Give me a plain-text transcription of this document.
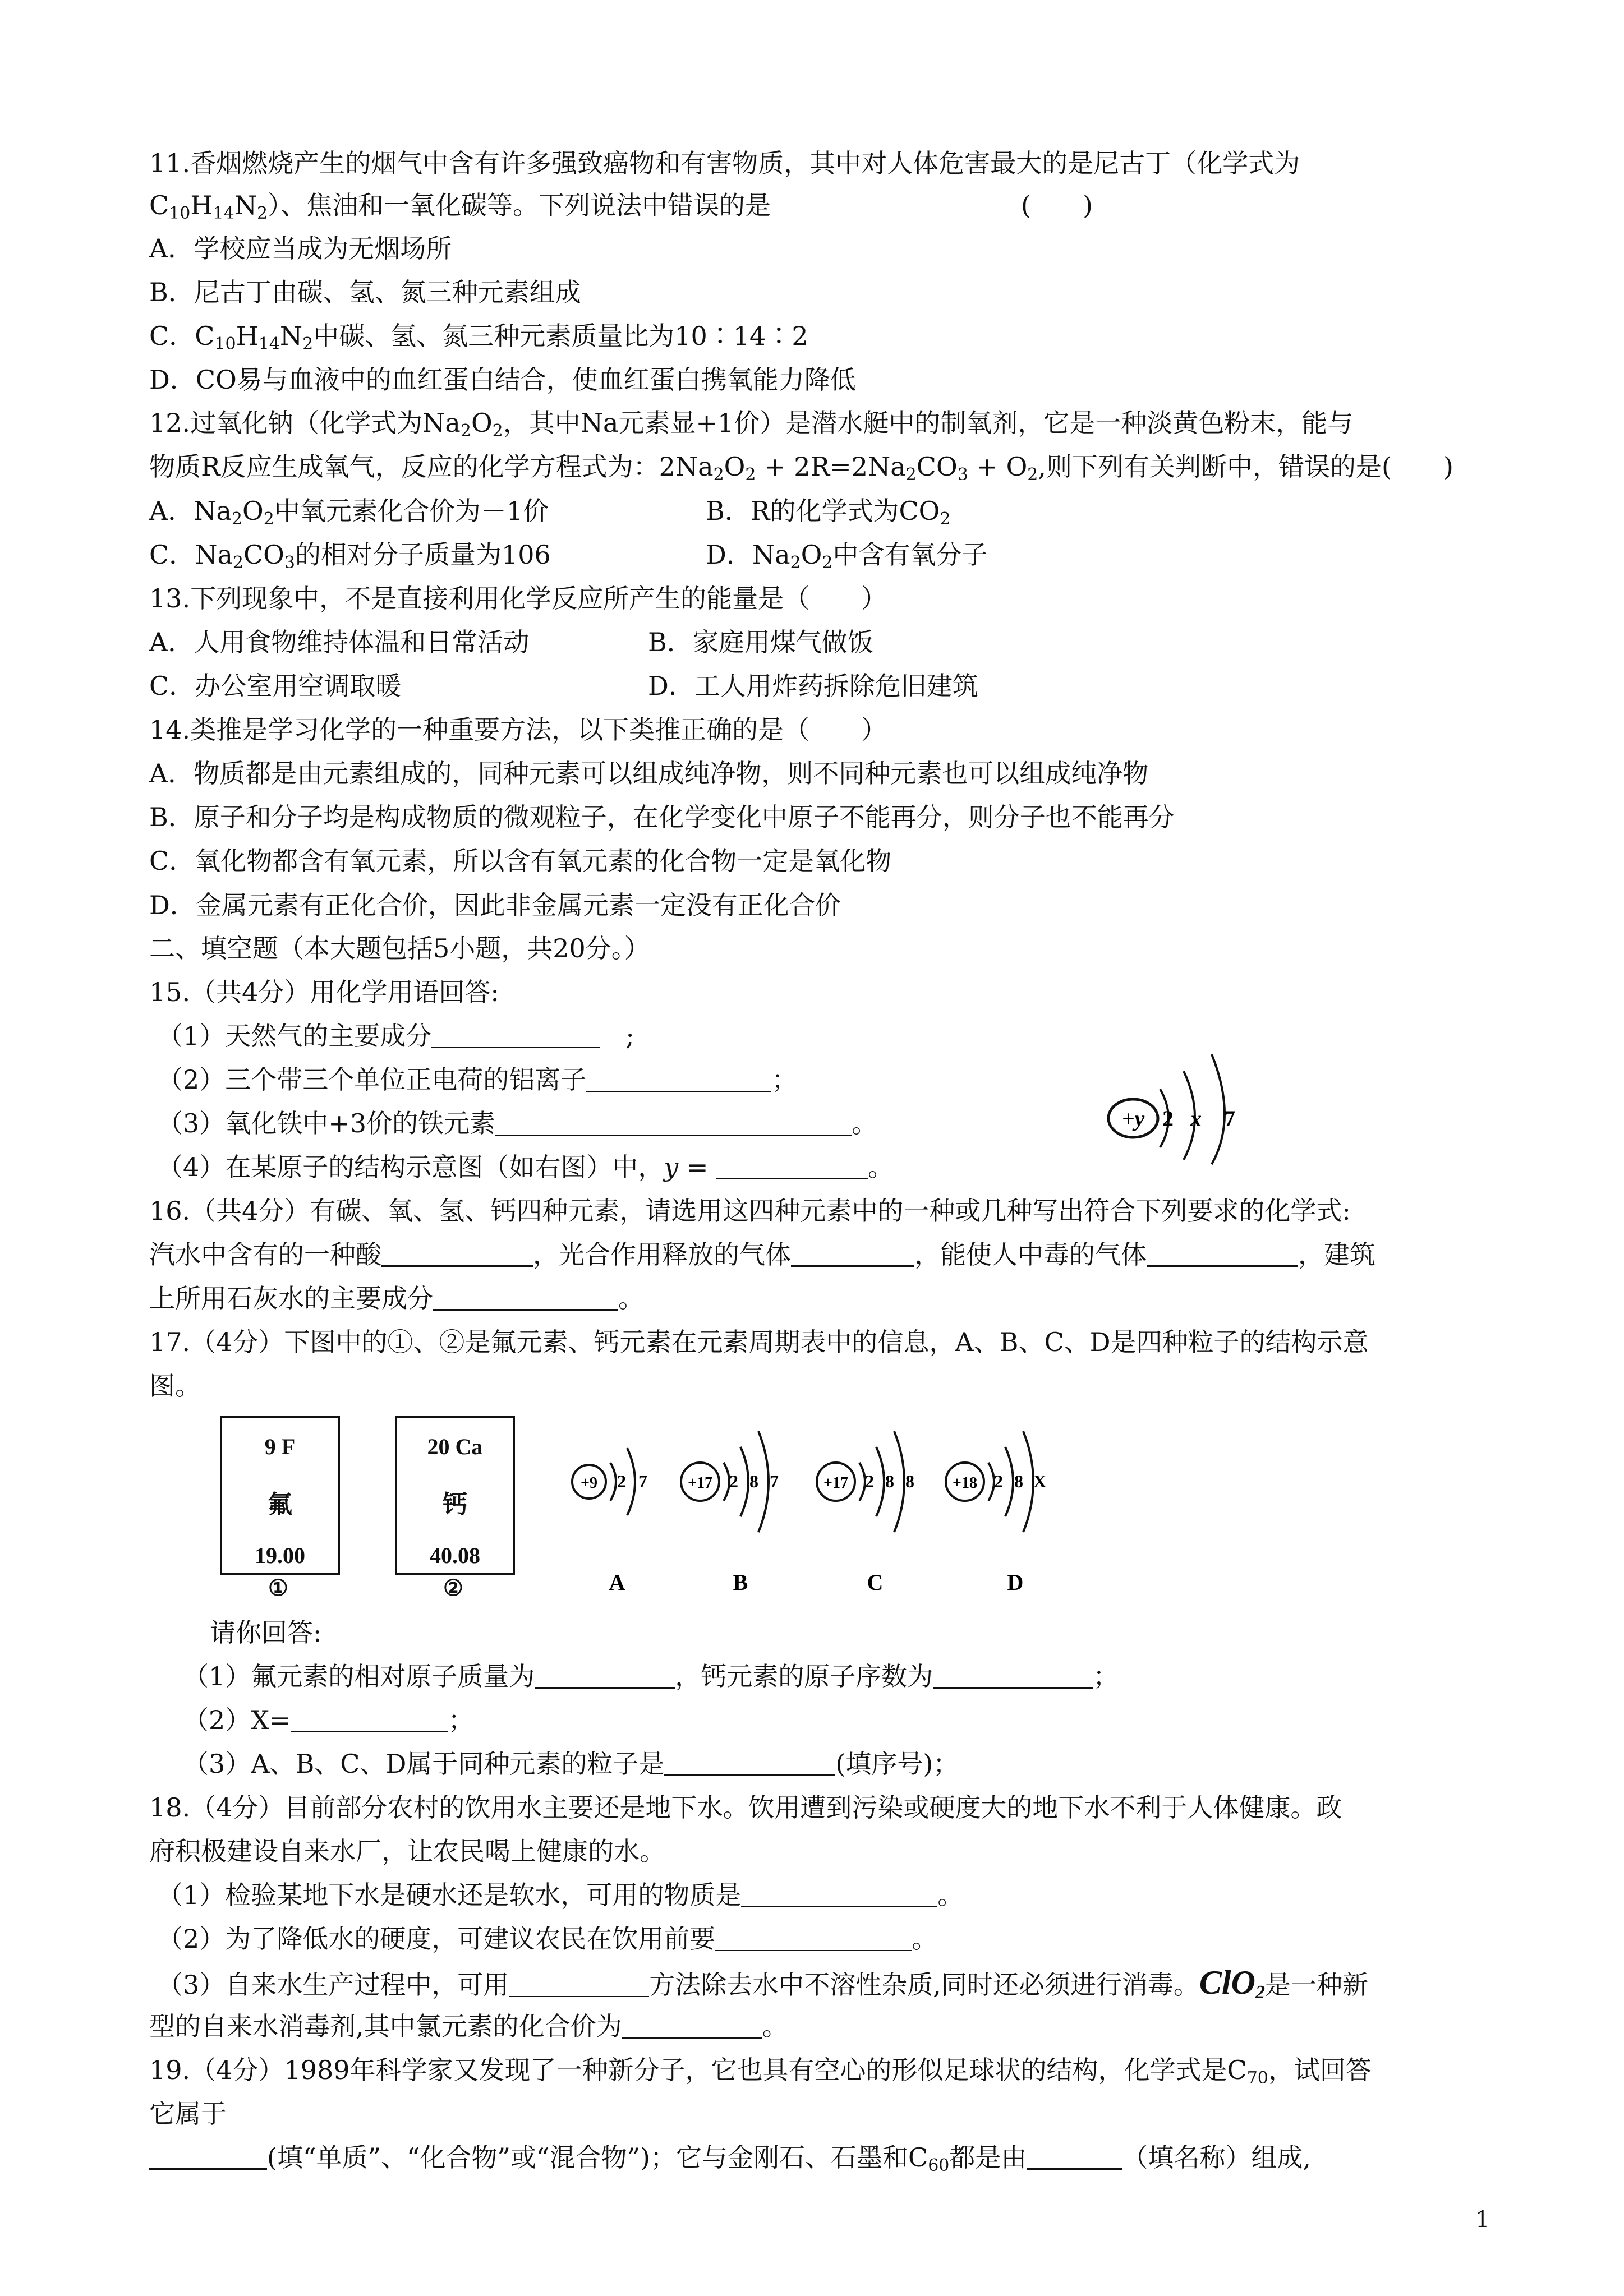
11.香烟燃烧产生的烟气中含有许多强致癌物和有害物质，其中对人体危害最大的是尼古丁（化学式为
$C_{10}H_{14}N_2$）、焦油和一氧化碳等。下列说法中错误的是	(　　)
A．学校应当成为无烟场所
B．尼古丁由碳、氢、氮三种元素组成
C．$C_{10}H_{14}N_2$中碳、氢、氮三种元素质量比为10∶14∶2
D．CO易与血液中的血红蛋白结合，使血红蛋白携氧能力降低
12.过氧化钠（化学式为$Na_2O_2$，其中Na元素显+1价）是潜水艇中的制氧剂，它是一种淡黄色粉末，能与
物质R反应生成氧气，反应的化学方程式为：$2Na_2O_2 + 2R=2Na_2CO_3 + O_2$,则下列有关判断中，错误的是(　　)
A．$Na_2O_2$中氧元素化合价为－1价	B．R的化学式为$CO_2$
C．$Na_2CO_3$的相对分子质量为106	D．$Na_2O_2$中含有氧分子
13.下列现象中，不是直接利用化学反应所产生的能量是（　　）
A．人用食物维持体温和日常活动	B．家庭用煤气做饭
C．办公室用空调取暖	D．工人用炸药拆除危旧建筑
14.类推是学习化学的一种重要方法，以下类推正确的是（　　）
A．物质都是由元素组成的，同种元素可以组成纯净物，则不同种元素也可以组成纯净物
B．原子和分子均是构成物质的微观粒子，在化学变化中原子不能再分，则分子也不能再分
C．氧化物都含有氧元素，所以含有氧元素的化合物一定是氧化物
D．金属元素有正化合价，因此非金属元素一定没有正化合价
二、填空题（本大题包括5小题，共20分。）
15.（共4分）用化学用语回答:
（1）天然气的主要成分	　;
（2）三个带三个单位正电荷的铝离子	；
（3）氧化铁中+3价的铁元素	。
（4）在某原子的结构示意图（如右图）中，y =	。
+y 2 x 7
16.（共4分）有碳、氧、氢、钙四种元素，请选用这四种元素中的一种或几种写出符合下列要求的化学式:
汽水中含有的一种酸	，光合作用释放的气体	，能使人中毒的气体	，建筑
上所用石灰水的主要成分	。
17.（4分）下图中的①、②是氟元素、钙元素在元素周期表中的信息，A、B、C、D是四种粒子的结构示意
图。
9 F
氟
19.00
①
20 Ca
钙
40.08
②
+9 2 7
A
+17 2 8 7
B
+17 2 8 8
C
+18 2 8 X
D
请你回答:
（1）氟元素的相对原子质量为	，钙元素的原子序数为	；
（2）X=	；
（3）A、B、C、D属于同种元素的粒子是	(填序号)；
18.（4分）目前部分农村的饮用水主要还是地下水。饮用遭到污染或硬度大的地下水不利于人体健康。政
府积极建设自来水厂，让农民喝上健康的水。
（1）检验某地下水是硬水还是软水，可用的物质是	。
（2）为了降低水的硬度，可建议农民在饮用前要	。
（3）自来水生产过程中，可用	方法除去水中不溶性杂质,同时还必须进行消毒。ClO$_2$是一种新
型的自来水消毒剂,其中氯元素的化合价为	。
19.（4分）1989年科学家又发现了一种新分子，它也具有空心的形似足球状的结构，化学式是$C_{70}$，试回答
它属于
(填“单质”、“化合物”或“混合物”)；它与金刚石、石墨和$C_{60}$都是由	（填名称）组成,
1
